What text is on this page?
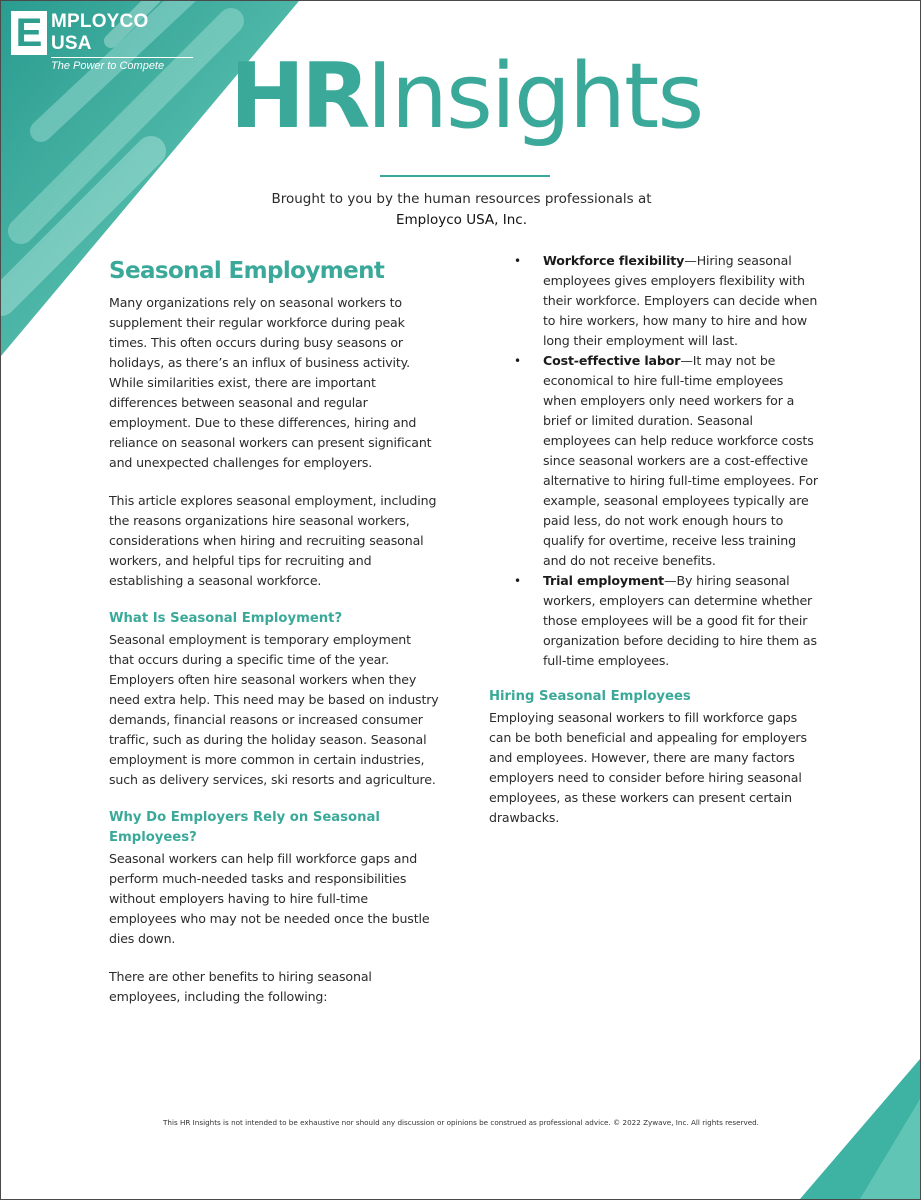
E MPLOYCO USA
The Power to Compete HRInsights
Brought to you by the human resources professionals at
Employco USA, Inc.
Seasonal Employment

Many organizations rely on seasonal workers to supplement their regular workforce during peak times. This often occurs during busy seasons or holidays, as there’s an influx of business activity. While similarities exist, there are important differences between seasonal and regular employment. Due to these differences, hiring and reliance on seasonal workers can present significant and unexpected challenges for employers.

This article explores seasonal employment, including the reasons organizations hire seasonal workers, considerations when hiring and recruiting seasonal workers, and helpful tips for recruiting and establishing a seasonal workforce.

What Is Seasonal Employment?

Seasonal employment is temporary employment that occurs during a specific time of the year. Employers often hire seasonal workers when they need extra help. This need may be based on industry demands, financial reasons or increased consumer traffic, such as during the holiday season. Seasonal employment is more common in certain industries, such as delivery services, ski resorts and agriculture.

Why Do Employers Rely on Seasonal Employees?

Seasonal workers can help fill workforce gaps and perform much-needed tasks and responsibilities without employers having to hire full-time employees who may not be needed once the bustle dies down.

There are other benefits to hiring seasonal employees, including the following:

• Workforce flexibility—Hiring seasonal employees gives employers flexibility with their workforce. Employers can decide when to hire workers, how many to hire and how long their employment will last.
• Cost-effective labor—It may not be economical to hire full-time employees when employers only need workers for a brief or limited duration. Seasonal employees can help reduce workforce costs since seasonal workers are a cost-effective alternative to hiring full-time employees. For example, seasonal employees typically are paid less, do not work enough hours to qualify for overtime, receive less training and do not receive benefits.
• Trial employment—By hiring seasonal workers, employers can determine whether those employees will be a good fit for their organization before deciding to hire them as full-time employees.
Hiring Seasonal Employees

Employing seasonal workers to fill workforce gaps can be both beneficial and appealing for employers and employees. However, there are many factors employers need to consider before hiring seasonal employees, as these workers can present certain drawbacks.

This HR Insights is not intended to be exhaustive nor should any discussion or opinions be construed as professional advice. © 2022 Zywave, Inc. All rights reserved.
